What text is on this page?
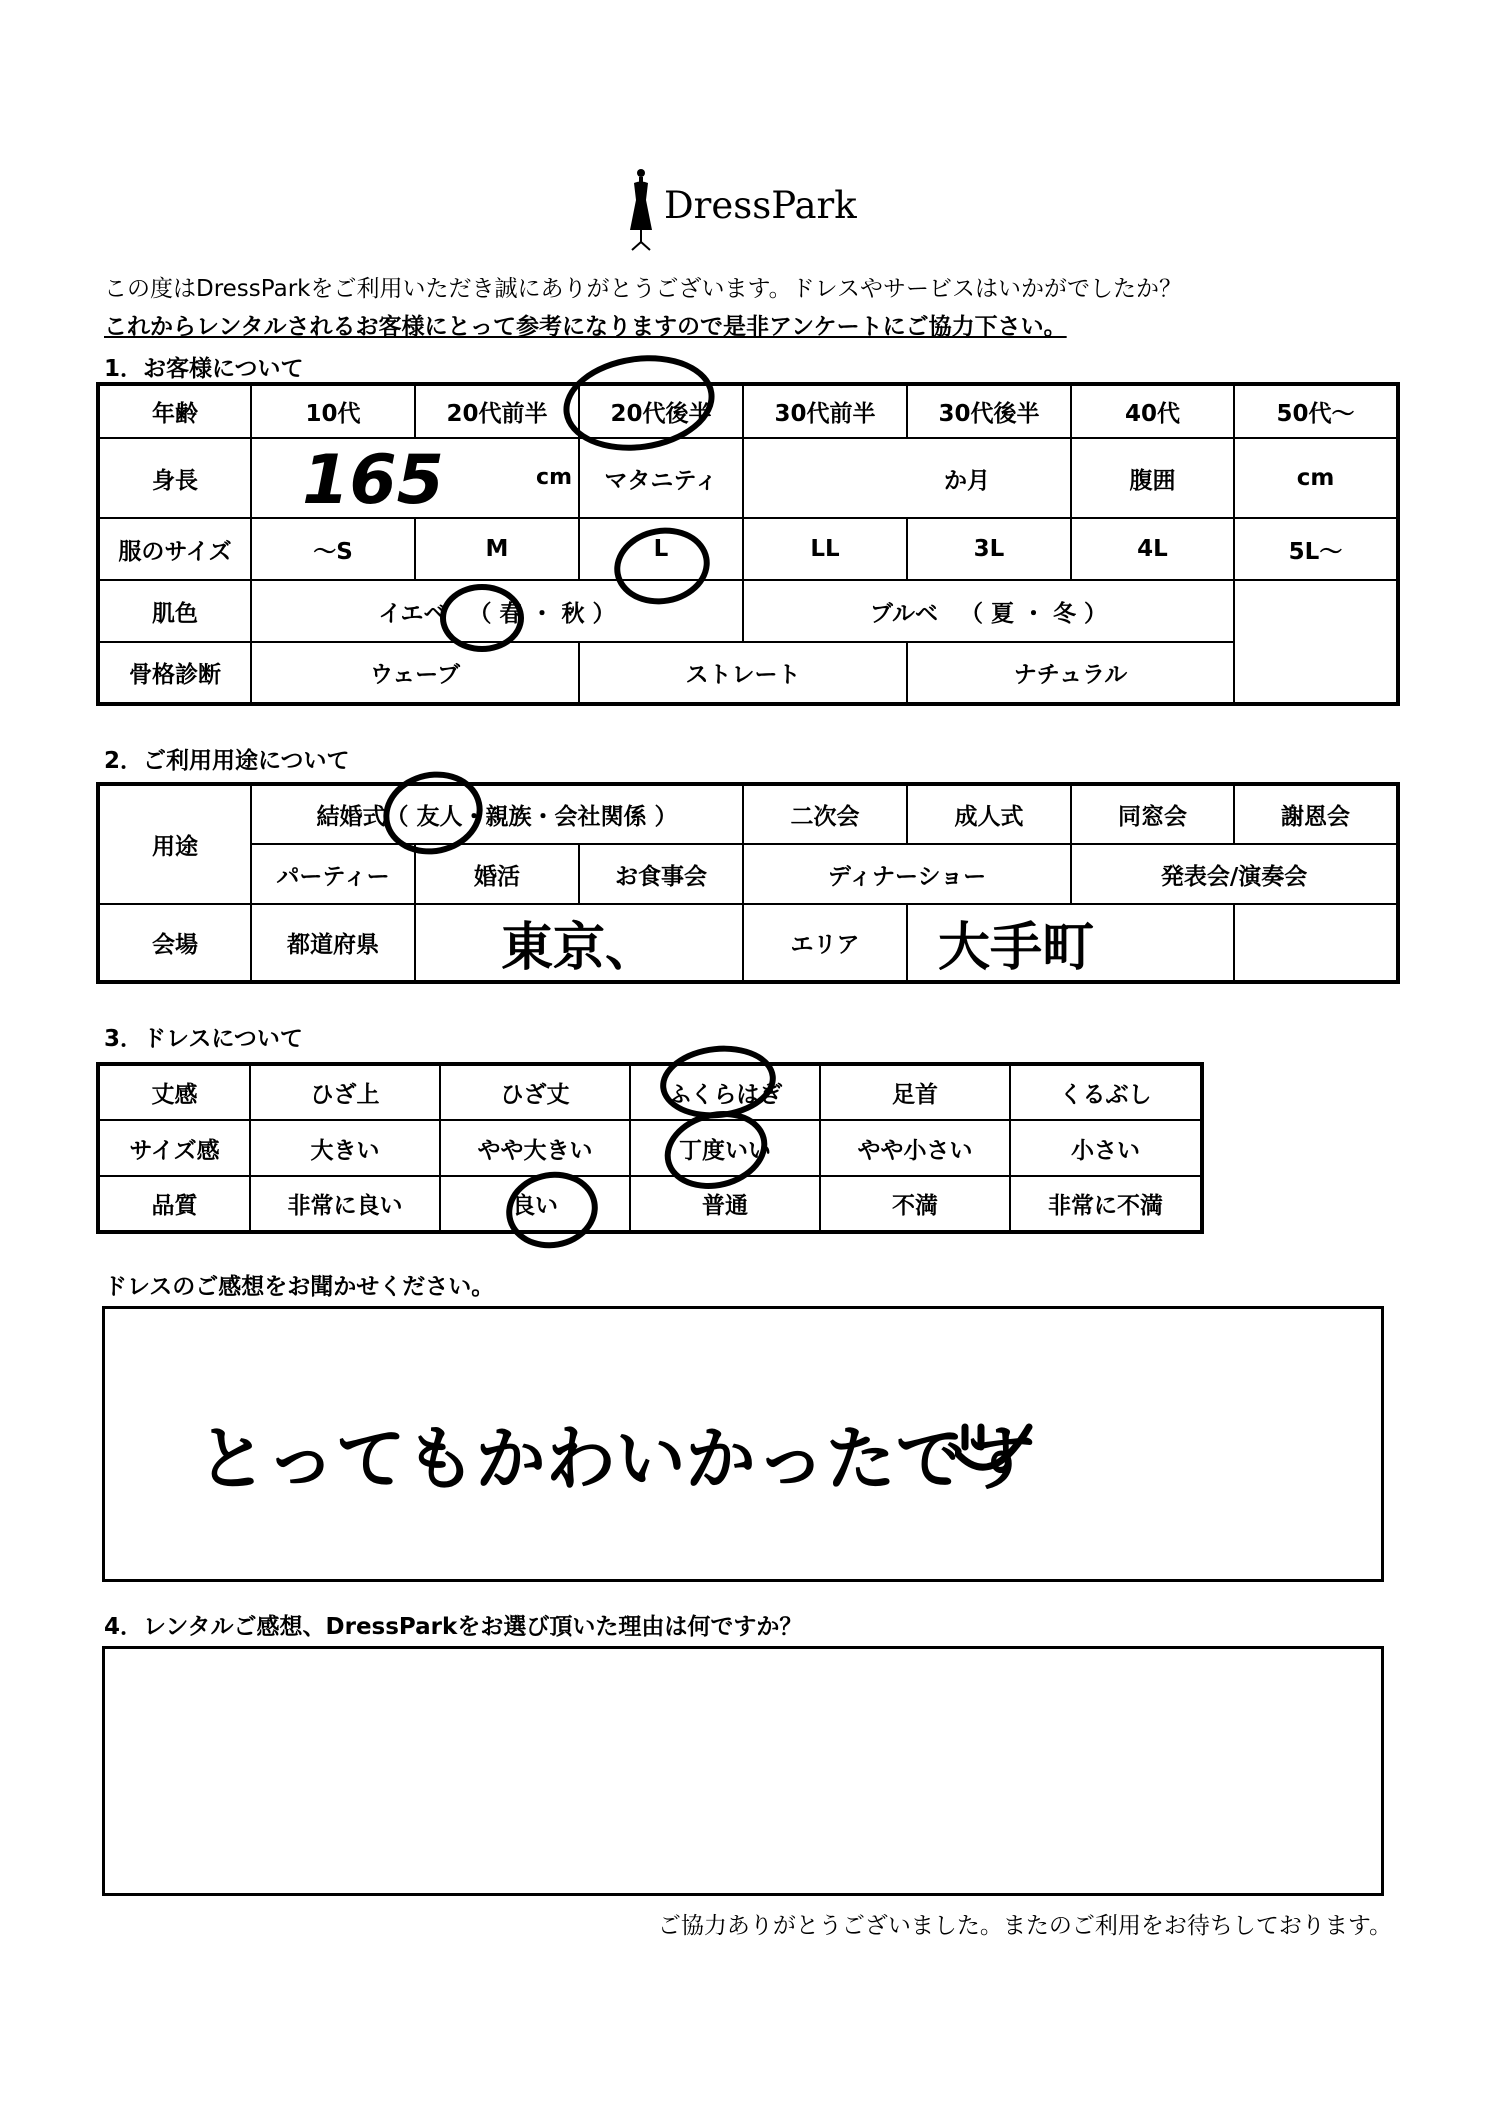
DressPark
この度はDressParkをご利用いただき誠にありがとうございます。ドレスやサービスはいかがでしたか？
これからレンタルされるお客様にとって参考になりますので是非アンケートにご協力下さい。
1．お客様について
年齢	10代	20代前半	20代後半	30代前半	30代後半	40代	50代～
身長	165 cm		マタニティ	か月		腹囲	cm
服のサイズ	～S	M	L	LL	3L	4L	5L～
肌色	イエベ （ 春 ・ 秋 ）			ブルベ （ 夏 ・ 冬 ）			
骨格診断	ウェーブ		ストレート		ナチュラル		
2．ご利用用途について
用途	結婚式（ 友人・親族・会社関係 ）			二次会	成人式	同窓会	謝恩会
	パーティー	婚活	お食事会	ディナーショー		発表会/演奏会	
会場	都道府県	東京、		エリア	大手町		
3．ドレスについて
丈感	ひざ上	ひざ丈	ふくらはぎ	足首	くるぶし
サイズ感	大きい	やや大きい	丁度いい	やや小さい	小さい
品質	非常に良い	良い	普通	不満	非常に不満
ドレスのご感想をお聞かせください。
とってもかわいかったです
4．レンタルご感想、DressParkをお選び頂いた理由は何ですか？
ご協力ありがとうございました。またのご利用をお待ちしております。
